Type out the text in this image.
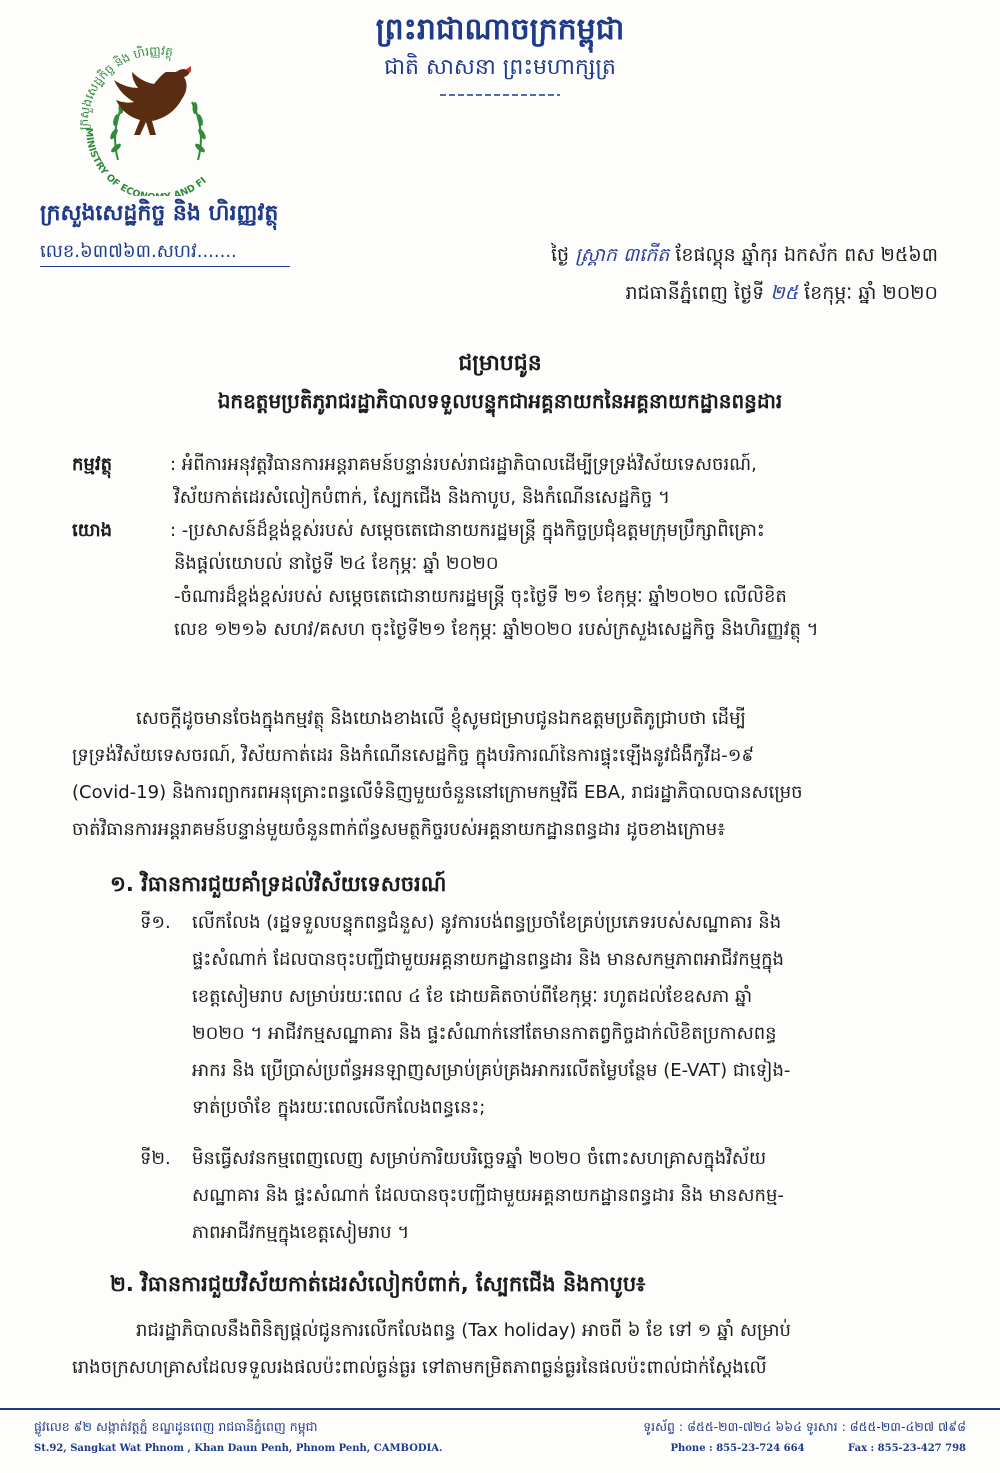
ក្រសួងសេដ្ឋកិច្ច និង ហិរញ្ញវត្ថុ
MINISTRY OF ECO AND FI
ព្រះរាជាណាចក្រកម្ពុជា
ជាតិ សាសនា ព្រះមហាក្សត្រ
ក្រសួងសេដ្ឋកិច្ច និង ហិរញ្ញវត្ថុ
លេខ.៦៣៧៦៣.សហវ.......	ថ្ងៃ ស្គ្រាក ៣កើត ខែផល្គុន ឆ្នាំកុរ ឯកស័ក ពស ២៥៦៣
រាជធានីភ្នំពេញ ថ្ងៃទី ២៥ ខែកុម្ភៈ ឆ្នាំ ២០២០
ជម្រាបជូន
ឯកឧត្តមប្រតិភូរាជរដ្ឋាភិបាលទទួលបន្ទុកជាអគ្គនាយកនៃអគ្គនាយកដ្ឋានពន្ធដារ
កម្មវត្ថុ	: អំពីការអនុវត្តវិធានការអន្តរាគមន៍បន្ទាន់របស់រាជរដ្ឋាភិបាលដើម្បីទ្រទ្រង់វិស័យទេសចរណ៍,
វិស័យកាត់ដេរសំលៀកបំពាក់, ស្បែកជើង និងកាបូប, និងកំណើនសេដ្ឋកិច្ច ។
យោង	: -ប្រសាសន៍ដ៏ខ្ពង់ខ្ពស់របស់ សម្តេចតេជោនាយករដ្ឋមន្ត្រី ក្នុងកិច្ចប្រជុំឧត្តមក្រុមប្រឹក្សាពិគ្រោះ
និងផ្តល់យោបល់ នាថ្ងៃទី ២៤ ខែកុម្ភៈ ឆ្នាំ ២០២០
-ចំណារដ៏ខ្ពង់ខ្ពស់របស់ សម្តេចតេជោនាយករដ្ឋមន្ត្រី ចុះថ្ងៃទី ២១ ខែកុម្ភៈ ឆ្នាំ២០២០ លើលិខិត
លេខ ១២១៦ សហវ/គសហ ចុះថ្ងៃទី២១ ខែកុម្ភៈ ឆ្នាំ២០២០ របស់ក្រសួងសេដ្ឋកិច្ច និងហិរញ្ញវត្ថុ ។

សេចក្តីដូចមានចែងក្នុងកម្មវត្ថុ និងយោងខាងលើ ខ្ញុំសូមជម្រាបជូនឯកឧត្តមប្រតិភូជ្រាបថា ដើម្បី

ទ្រទ្រង់វិស័យទេសចរណ៍, វិស័យកាត់ដេរ និងកំណើនសេដ្ឋកិច្ច ក្នុងបរិការណ៍នៃការផ្ទុះឡើងនូវជំងឺកូវីដ-១៩

(Covid-19) និងការព្យាករពអនុគ្រោះពន្ធលើទំនិញមួយចំនួននៅក្រោមកម្មវិធី EBA, រាជរដ្ឋាភិបាលបានសម្រេច

ចាត់វិធានការអន្តរាគមន៍បន្ទាន់មួយចំនួនពាក់ព័ន្ធសមត្ថកិច្ចរបស់អគ្គនាយកដ្ឋានពន្ធដារ ដូចខាងក្រោម៖

១. វិធានការជួយគាំទ្រដល់វិស័យទេសចរណ៍
ទី១.	លើកលែង (រដ្ឋទទួលបន្ទុកពន្ធជំនួស) នូវការបង់ពន្ធប្រចាំខែគ្រប់ប្រភេទរបស់សណ្ឋាគារ និង
ផ្ទះសំណាក់ ដែលបានចុះបញ្ជីជាមួយអគ្គនាយកដ្ឋានពន្ធដារ និង មានសកម្មភាពអាជីវកម្មក្នុង
ខេត្តសៀមរាប សម្រាប់រយៈពេល ៤ ខែ ដោយគិតចាប់ពីខែកុម្ភៈ រហូតដល់ខែឧសភា ឆ្នាំ
២០២០ ។ អាជីវកម្មសណ្ឋាគារ និង ផ្ទះសំណាក់នៅតែមានកាតព្វកិច្ចដាក់លិខិតប្រកាសពន្ធ
អាករ និង ប្រើប្រាស់ប្រព័ន្ធអនឡាញសម្រាប់គ្រប់គ្រងអាករលើតម្លៃបន្ថែម (E-VAT) ជាទៀង-
ទាត់ប្រចាំខែ ក្នុងរយៈពេលលើកលែងពន្ធនេះ;
ទី២.	មិនធ្វើសវនកម្មពេញលេញ សម្រាប់ការិយបរិច្ឆេទឆ្នាំ ២០២០ ចំពោះសហគ្រាសក្នុងវិស័យ
សណ្ឋាគារ និង ផ្ទះសំណាក់ ដែលបានចុះបញ្ជីជាមួយអគ្គនាយកដ្ឋានពន្ធដារ និង មានសកម្ម-
ភាពអាជីវកម្មក្នុងខេត្តសៀមរាប ។
២. វិធានការជួយវិស័យកាត់ដេរសំលៀកបំពាក់, ស្បែកជើង និងកាបូប៖

រាជរដ្ឋាភិបាលនឹងពិនិត្យផ្តល់ជូនការលើកលែងពន្ធ (Tax holiday) អាចពី ៦ ខែ ទៅ ១ ឆ្នាំ សម្រាប់

រោងចក្រសហគ្រាសដែលទទួលរងផលប៉ះពាល់ធ្ងន់ធ្ងរ ទៅតាមកម្រិតភាពធ្ងន់ធ្ងរនៃផលប៉ះពាល់ជាក់ស្តែងលើ

ផ្លូវលេខ ៩២ សង្កាត់វត្តភ្នំ ខណ្ឌដូនពេញ រាជធានីភ្នំពេញ កម្ពុជា
St.92, Sangkat Wat Phnom , Khan Daun Penh, Phnom Penh, CAMBODIA.
ទូរស័ព្ទ : ៨៥៥-២៣-៧២៤ ៦៦៤ ទូរសារ : ៨៥៥-២៣-៤២៧ ៧៩៨
Phone : 855-23-724 664	Fax : 855-23-427 798
